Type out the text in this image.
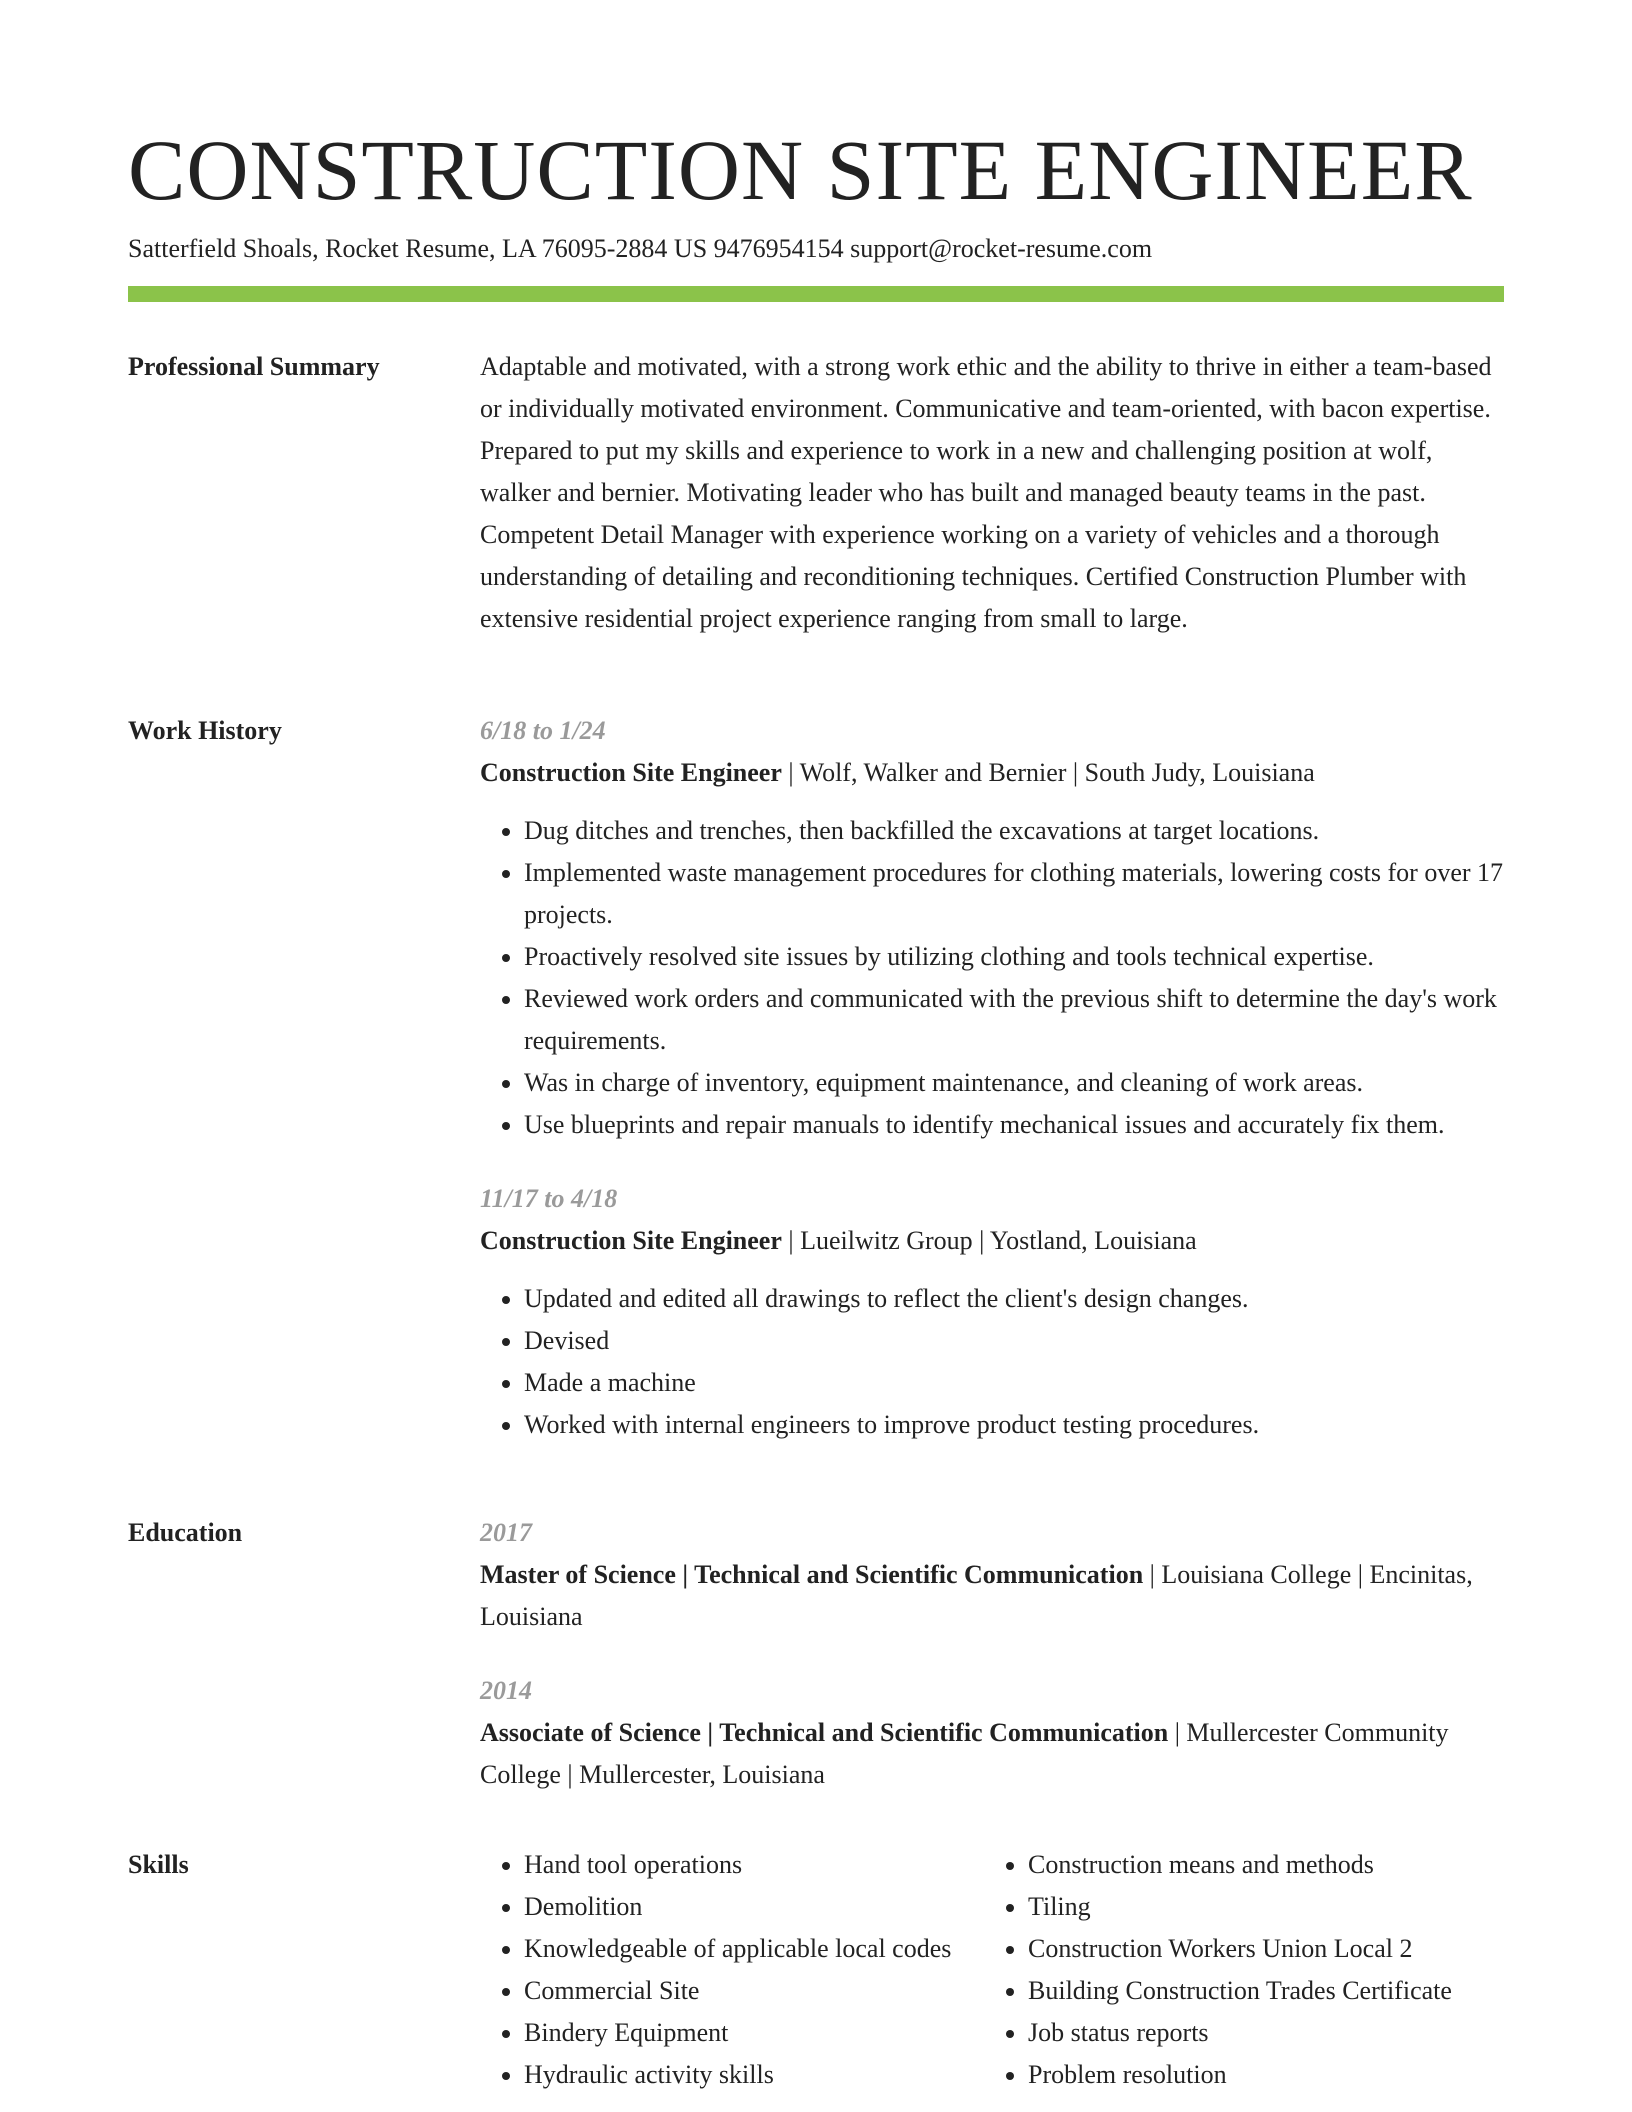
CONSTRUCTION SITE ENGINEER
Satterfield Shoals, Rocket Resume, LA 76095-2884 US 9476954154 support@rocket-resume.com
Professional Summary	Adaptable and motivated, with a strong work ethic and the ability to thrive in either a team-based or individually motivated environment. Communicative and team-oriented, with bacon expertise. Prepared to put my skills and experience to work in a new and challenging position at wolf, walker and bernier. Motivating leader who has built and managed beauty teams in the past. Competent Detail Manager with experience working on a variety of vehicles and a thorough understanding of detailing and reconditioning techniques. Certified Construction Plumber with extensive residential project experience ranging from small to large.

Work History	6/18 to 1/24
Construction Site Engineer | Wolf, Walker and Bernier | South Judy, Louisiana
• Dug ditches and trenches, then backfilled the excavations at target locations.
• Implemented waste management procedures for clothing materials, lowering costs for over 17 projects.
• Proactively resolved site issues by utilizing clothing and tools technical expertise.
• Reviewed work orders and communicated with the previous shift to determine the day's work requirements.
• Was in charge of inventory, equipment maintenance, and cleaning of work areas.
• Use blueprints and repair manuals to identify mechanical issues and accurately fix them.
11/17 to 4/18
Construction Site Engineer | Lueilwitz Group | Yostland, Louisiana
• Updated and edited all drawings to reflect the client's design changes.
• Devised
• Made a machine
• Worked with internal engineers to improve product testing procedures.
Education	2017
Master of Science | Technical and Scientific Communication | Louisiana College | Encinitas, Louisiana
2014
Associate of Science | Technical and Scientific Communication | Mullercester Community College | Mullercester, Louisiana
Skills
•	Hand tool operations
• Demolition
• Knowledgeable of applicable local codes
• Commercial Site
• Bindery Equipment
• Hydraulic activity skills
• Construction means and methods
• Tiling
• Construction Workers Union Local 2
• Building Construction Trades Certificate
• Job status reports
• Problem resolution
